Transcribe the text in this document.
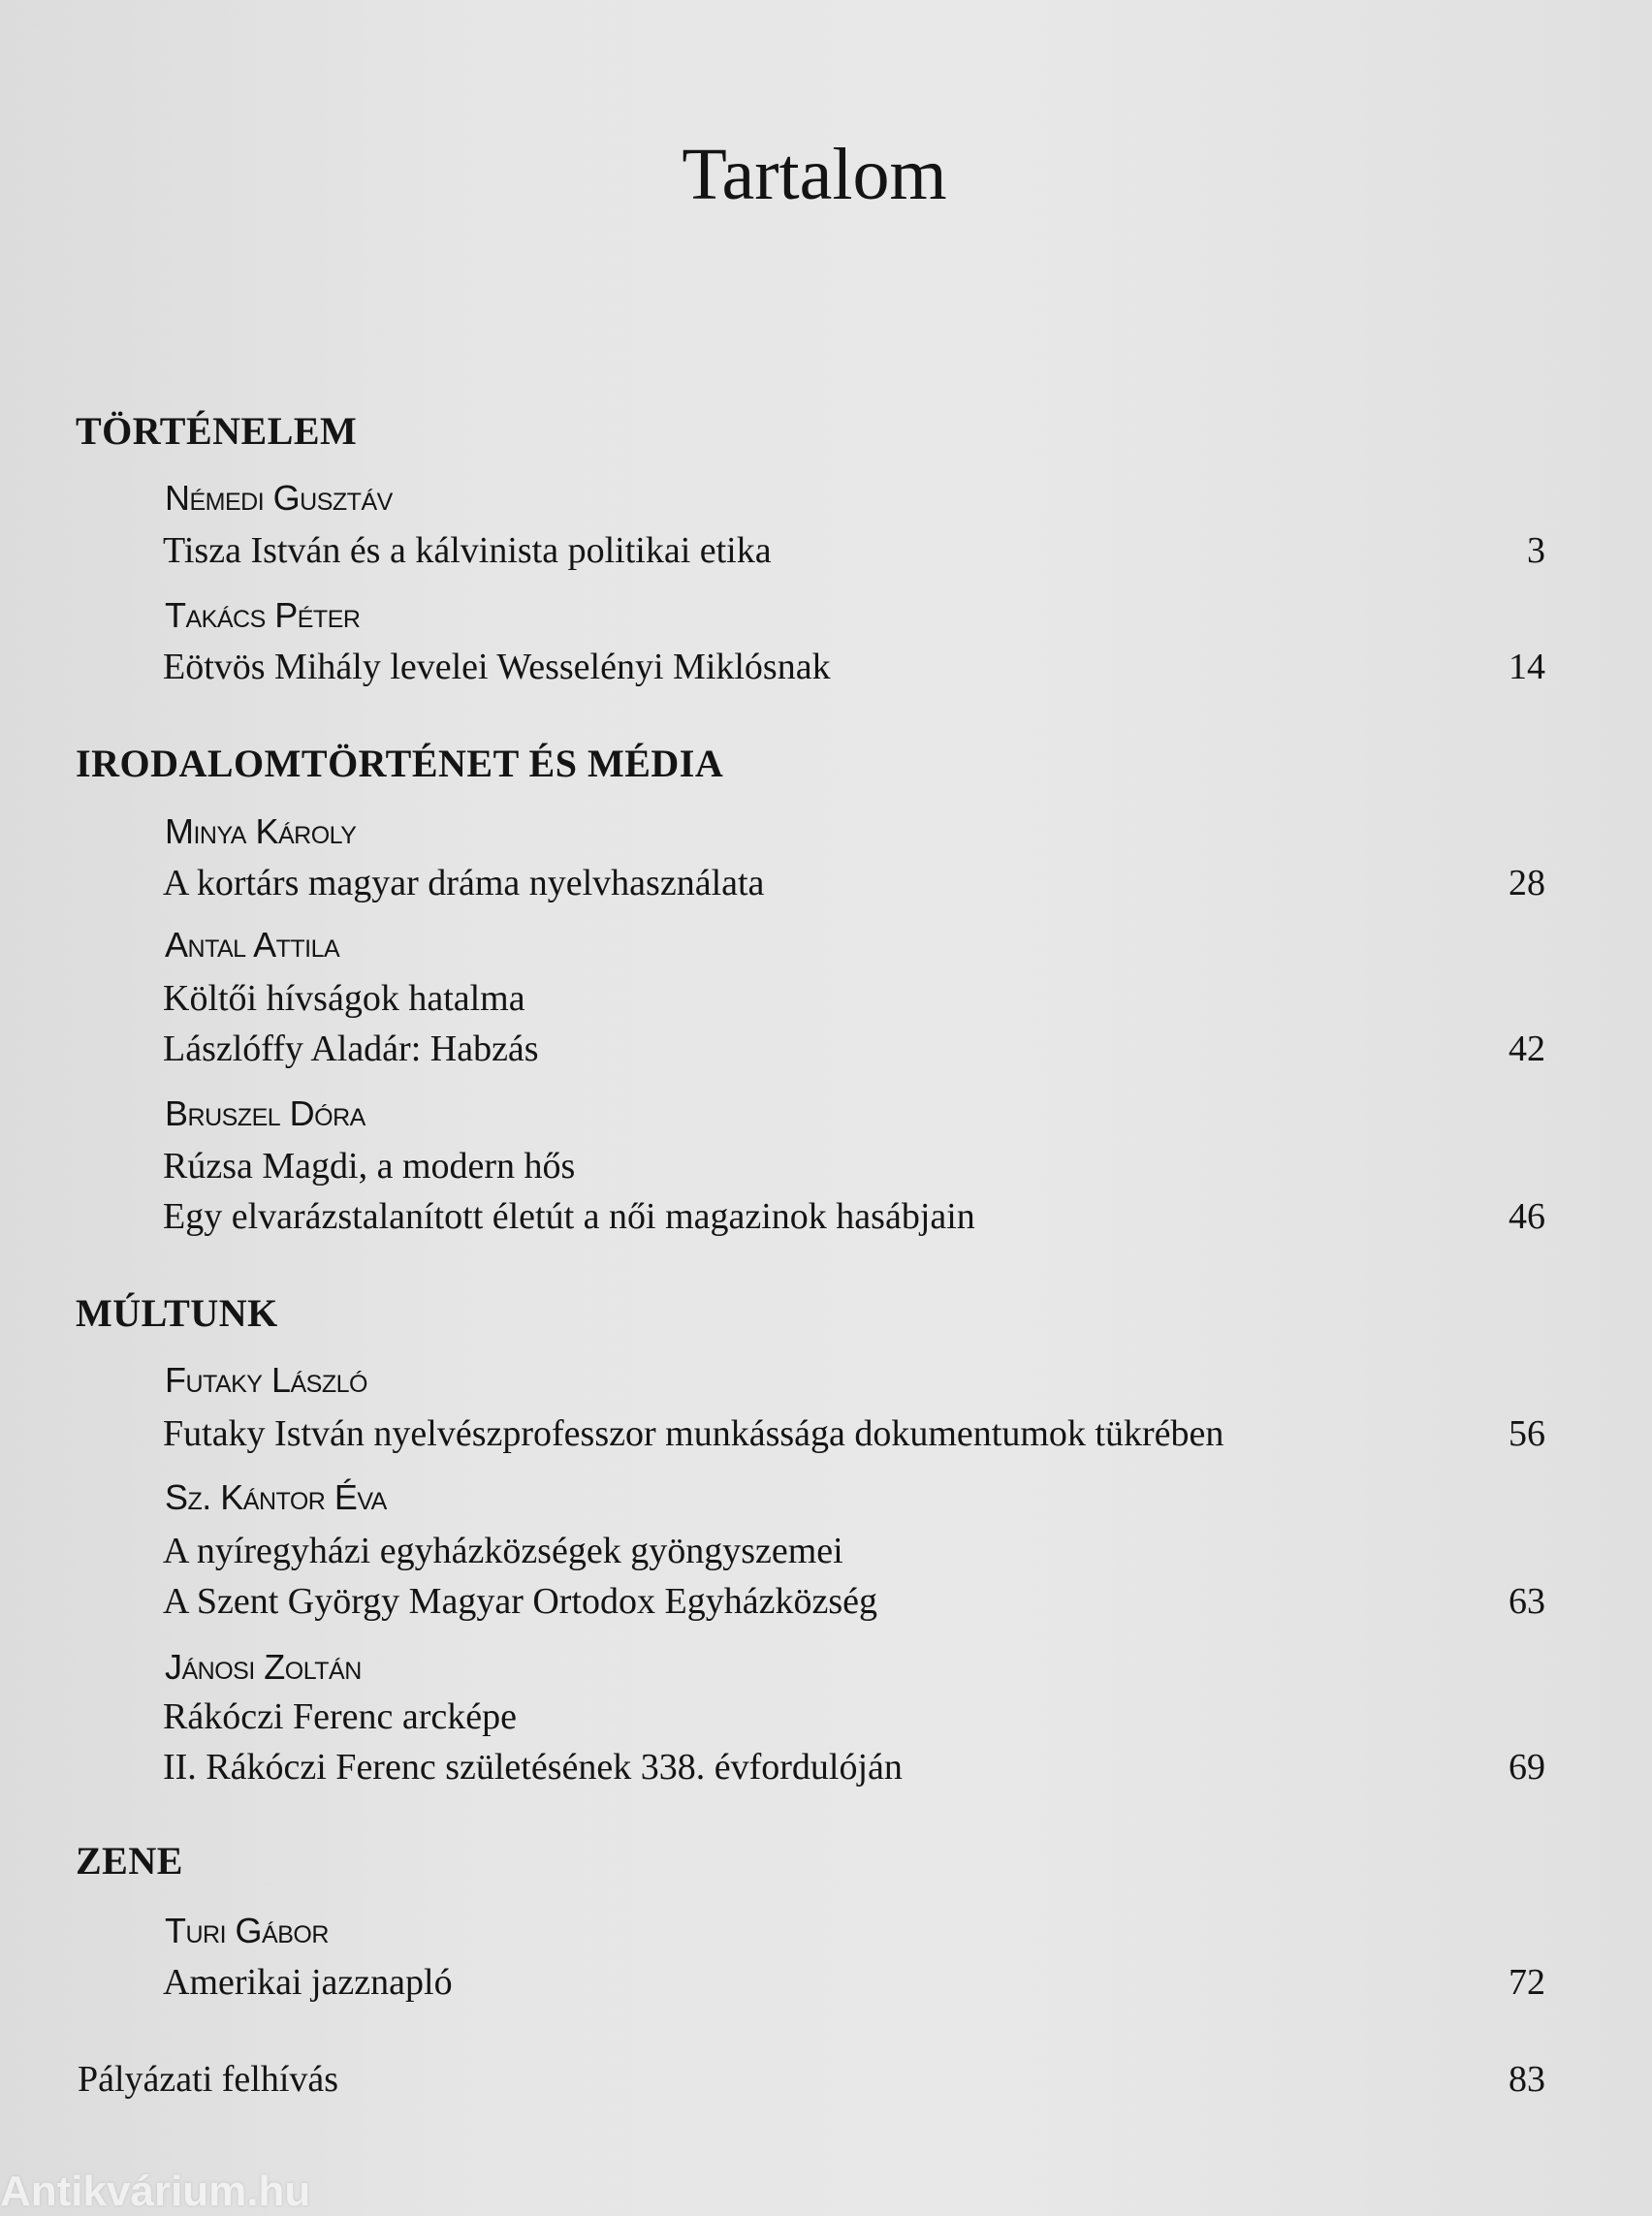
Tartalom
TÖRTÉNELEM
Némedi Gusztáv
Tisza István és a kálvinista politikai etika	3
Takács Péter
Eötvös Mihály levelei Wesselényi Miklósnak	14
IRODALOMTÖRTÉNET ÉS MÉDIA
Minya Károly
A kortárs magyar dráma nyelvhasználata	28
Antal Attila
Költői hívságok hatalma
Lászlóffy Aladár: Habzás	42
Bruszel Dóra
Rúzsa Magdi, a modern hős
Egy elvarázstalanított életút a női magazinok hasábjain	46
MÚLTUNK
Futaky László
Futaky István nyelvészprofesszor munkássága dokumentumok tükrében	56
Sz. Kántor Éva
A nyíregyházi egyházközségek gyöngyszemei
A Szent György Magyar Ortodox Egyházközség	63
Jánosi Zoltán
Rákóczi Ferenc arcképe
II. Rákóczi Ferenc születésének 338. évfordulóján	69
ZENE
Turi Gábor
Amerikai jazznapló	72
Pályázati felhívás	83
Antikvárium.hu
